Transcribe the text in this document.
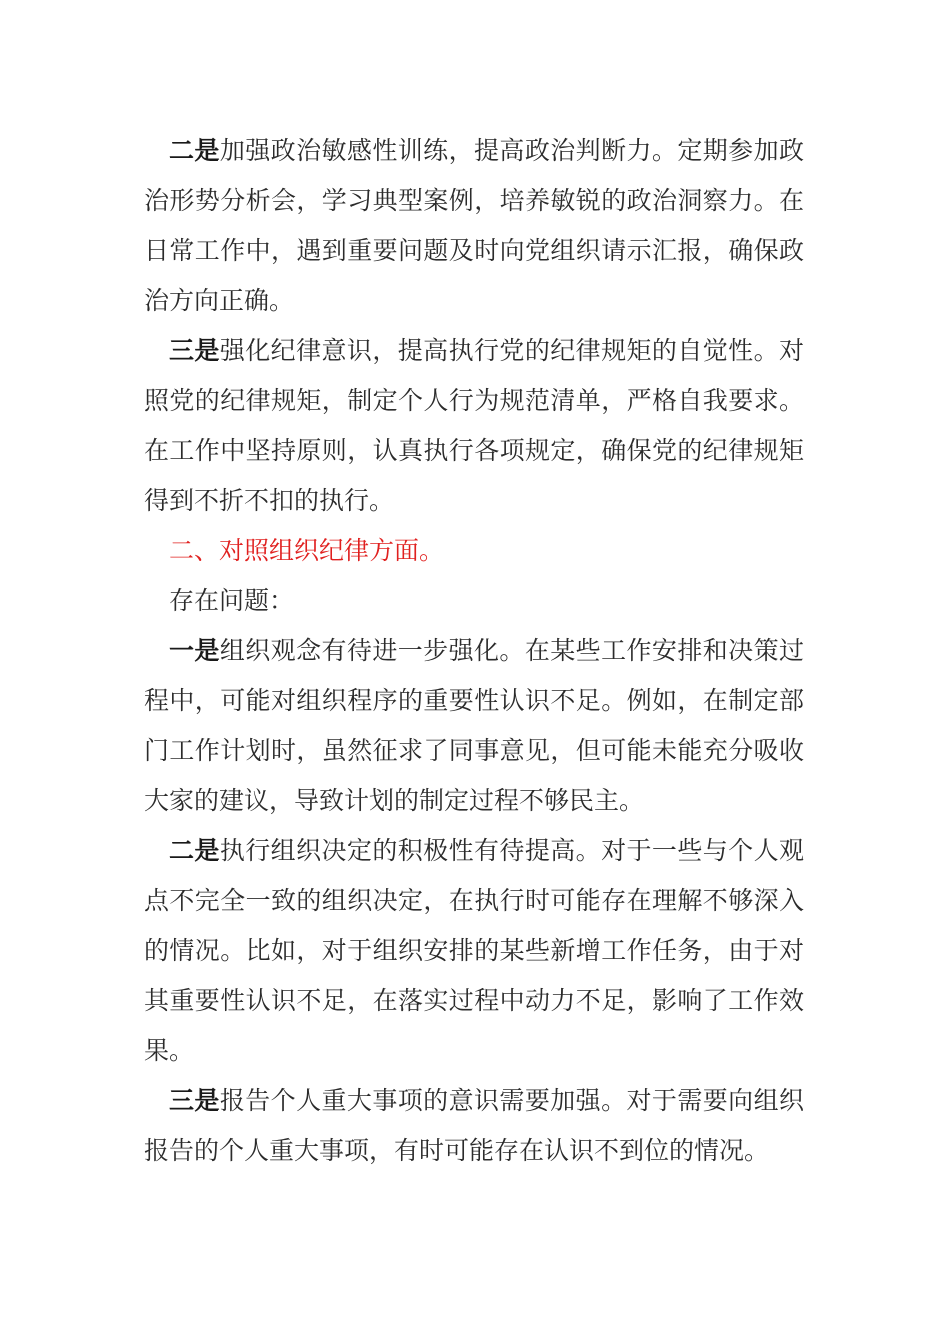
二是加强政治敏感性训练，提高政治判断力。定期参加政治形势分析会，学习典型案例，培养敏锐的政治洞察力。在日常工作中，遇到重要问题及时向党组织请示汇报，确保政治方向正确。

三是强化纪律意识，提高执行党的纪律规矩的自觉性。对照党的纪律规矩，制定个人行为规范清单，严格自我要求。在工作中坚持原则，认真执行各项规定，确保党的纪律规矩得到不折不扣的执行。

二、对照组织纪律方面。

存在问题：

一是组织观念有待进一步强化。在某些工作安排和决策过程中，可能对组织程序的重要性认识不足。例如，在制定部门工作计划时，虽然征求了同事意见，但可能未能充分吸收大家的建议，导致计划的制定过程不够民主。

二是执行组织决定的积极性有待提高。对于一些与个人观点不完全一致的组织决定，在执行时可能存在理解不够深入的情况。比如，对于组织安排的某些新增工作任务，由于对其重要性认识不足，在落实过程中动力不足，影响了工作效果。

三是报告个人重大事项的意识需要加强。对于需要向组织报告的个人重大事项，有时可能存在认识不到位的情况。
